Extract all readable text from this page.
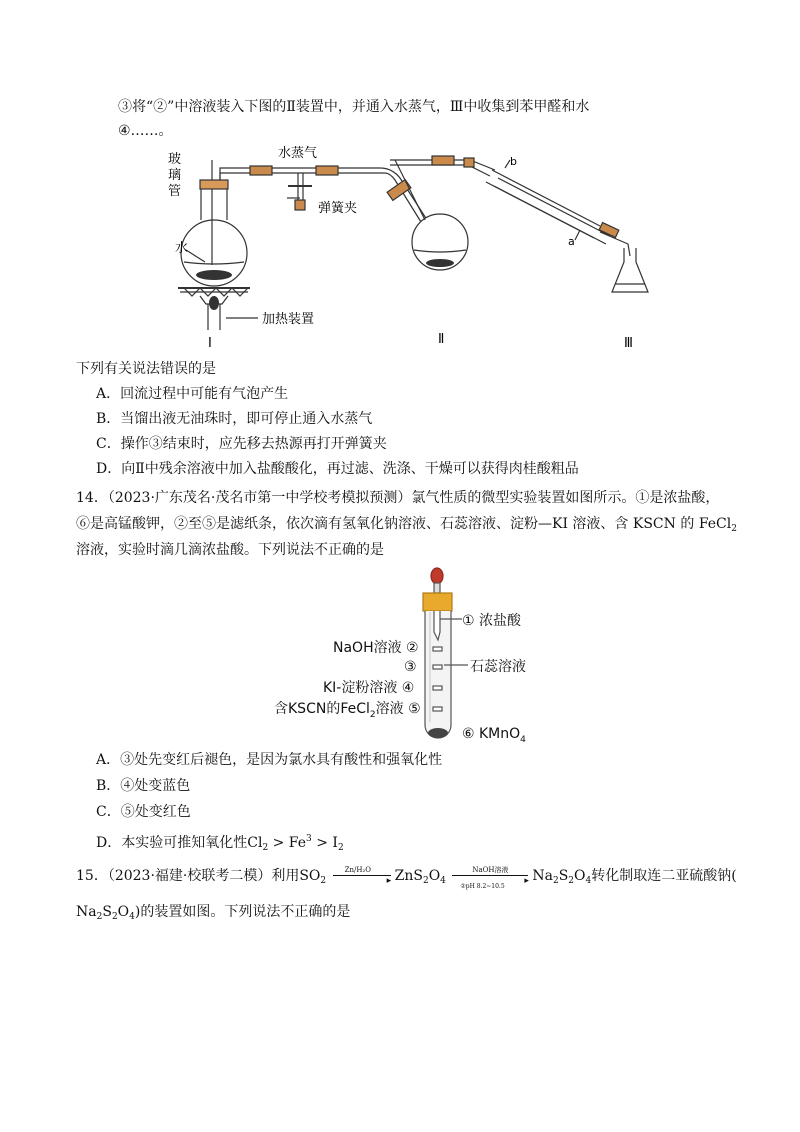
③将“②”中溶液装入下图的Ⅱ装置中，并通入水蒸气，Ⅲ中收集到苯甲醛和水
④……。
玻
璃
管
水蒸气
弹簧夹
水
加热装置
b
a
Ⅰ	Ⅱ	Ⅲ
下列有关说法错误的是
A．回流过程中可能有气泡产生
B．当馏出液无油珠时，即可停止通入水蒸气
C．操作③结束时，应先移去热源再打开弹簧夹
D．向Ⅱ中残余溶液中加入盐酸酸化，再过滤、洗涤、干燥可以获得肉桂酸粗品
14．（2023·广东茂名·茂名市第一中学校考模拟预测）氯气性质的微型实验装置如图所示。①是浓盐酸，
⑥是高锰酸钾，②至⑤是滤纸条，依次滴有氢氧化钠溶液、石蕊溶液、淀粉—KI 溶液、含 KSCN 的 FeCl$_2$
溶液，实验时滴几滴浓盐酸。下列说法不正确的是
① 浓盐酸
NaOH溶液 ②
③	石蕊溶液
KI-淀粉溶液 ④
含KSCN的FeCl$_2$溶液 ⑤
⑥ KMnO$_4$
A．③处先变红后褪色，是因为氯水具有酸性和强氧化性
B．④处变蓝色
C．⑤处变红色
D．本实验可推知氧化性$Cl_2 > Fe^3 > I_2$
15．（2023·福建·校联考二模）利用$SO_2$
Zn/H₂O
▸ $ZnS_2O_4$
NaOH溶液
▸
②pH 8.2~10.5
$Na_2S_2O_4$转化制取连二亚硫酸钠(
$Na_2S_2O_4$)的装置如图。下列说法不正确的是
